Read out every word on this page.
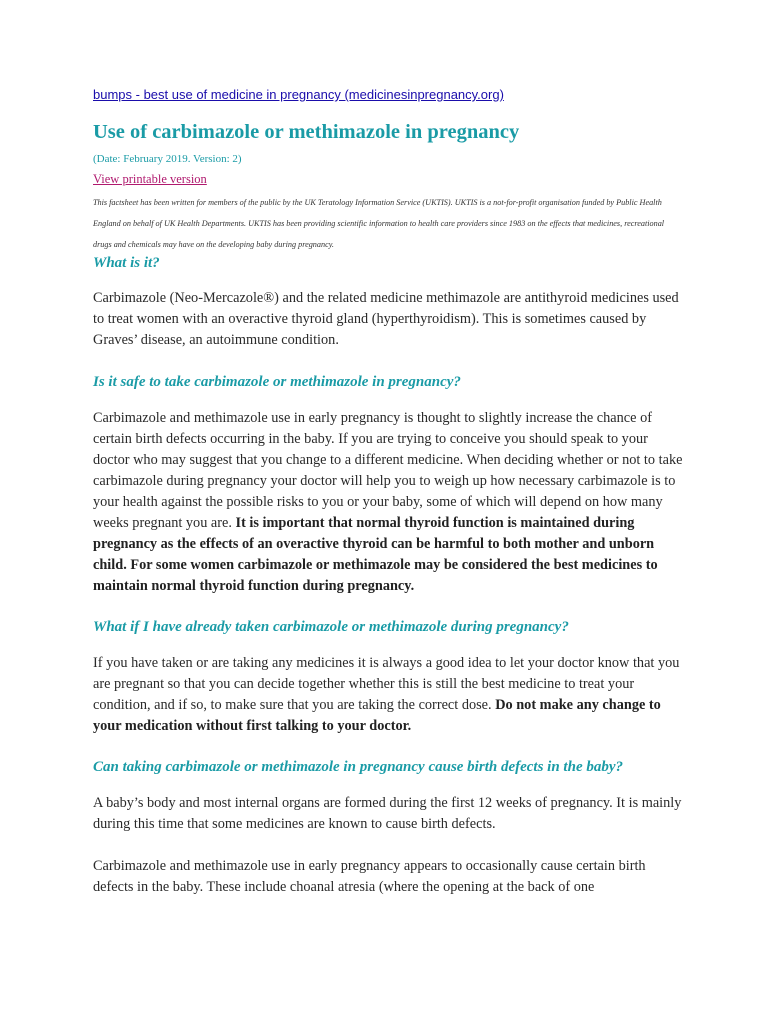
bumps - best use of medicine in pregnancy (medicinesinpregnancy.org)
Use of carbimazole or methimazole in pregnancy
(Date: February 2019. Version: 2)
View printable version

This factsheet has been written for members of the public by the UK Teratology Information Service (UKTIS). UKTIS is a not-for-profit organisation funded by Public Health England on behalf of UK Health Departments. UKTIS has been providing scientific information to health care providers since 1983 on the effects that medicines, recreational drugs and chemicals may have on the developing baby during pregnancy.

What is it?

Carbimazole (Neo-Mercazole®) and the related medicine methimazole are antithyroid medicines used to treat women with an overactive thyroid gland (hyperthyroidism). This is sometimes caused by Graves’ disease, an autoimmune condition.

Is it safe to take carbimazole or methimazole in pregnancy?

Carbimazole and methimazole use in early pregnancy is thought to slightly increase the chance of certain birth defects occurring in the baby. If you are trying to conceive you should speak to your doctor who may suggest that you change to a different medicine. When deciding whether or not to take carbimazole during pregnancy your doctor will help you to weigh up how necessary carbimazole is to your health against the possible risks to you or your baby, some of which will depend on how many weeks pregnant you are. It is important that normal thyroid function is maintained during pregnancy as the effects of an overactive thyroid can be harmful to both mother and unborn child. For some women carbimazole or methimazole may be considered the best medicines to maintain normal thyroid function during pregnancy.

What if I have already taken carbimazole or methimazole during pregnancy?

If you have taken or are taking any medicines it is always a good idea to let your doctor know that you are pregnant so that you can decide together whether this is still the best medicine to treat your condition, and if so, to make sure that you are taking the correct dose. Do not make any change to your medication without first talking to your doctor.

Can taking carbimazole or methimazole in pregnancy cause birth defects in the baby?

A baby’s body and most internal organs are formed during the first 12 weeks of pregnancy. It is mainly during this time that some medicines are known to cause birth defects.

Carbimazole and methimazole use in early pregnancy appears to occasionally cause certain birth defects in the baby. These include choanal atresia (where the opening at the back of one
